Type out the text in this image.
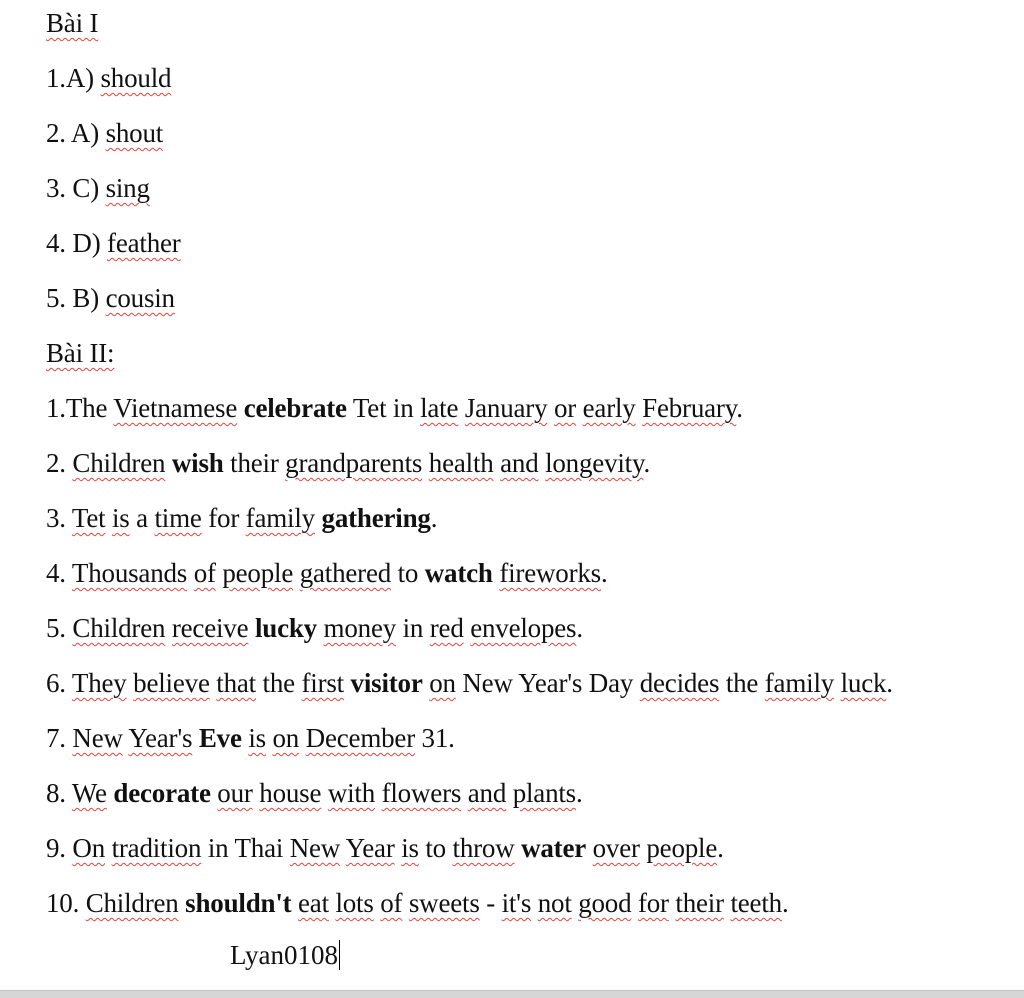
Bài I
1.A) should
2. A) shout
3. C) sing
4. D) feather
5. B) cousin
Bài II:
1.The Vietnamese celebrate Tet in late January or early February.
2. Children wish their grandparents health and longevity.
3. Tet is a time for family gathering.
4. Thousands of people gathered to watch fireworks.
5. Children receive lucky money in red envelopes.
6. They believe that the first visitor on New Year's Day decides the family luck.
7. New Year's Eve is on December 31.
8. We decorate our house with flowers and plants.
9. On tradition in Thai New Year is to throw water over people.
10. Children shouldn't eat lots of sweets - it's not good for their teeth.
Lyan0108
